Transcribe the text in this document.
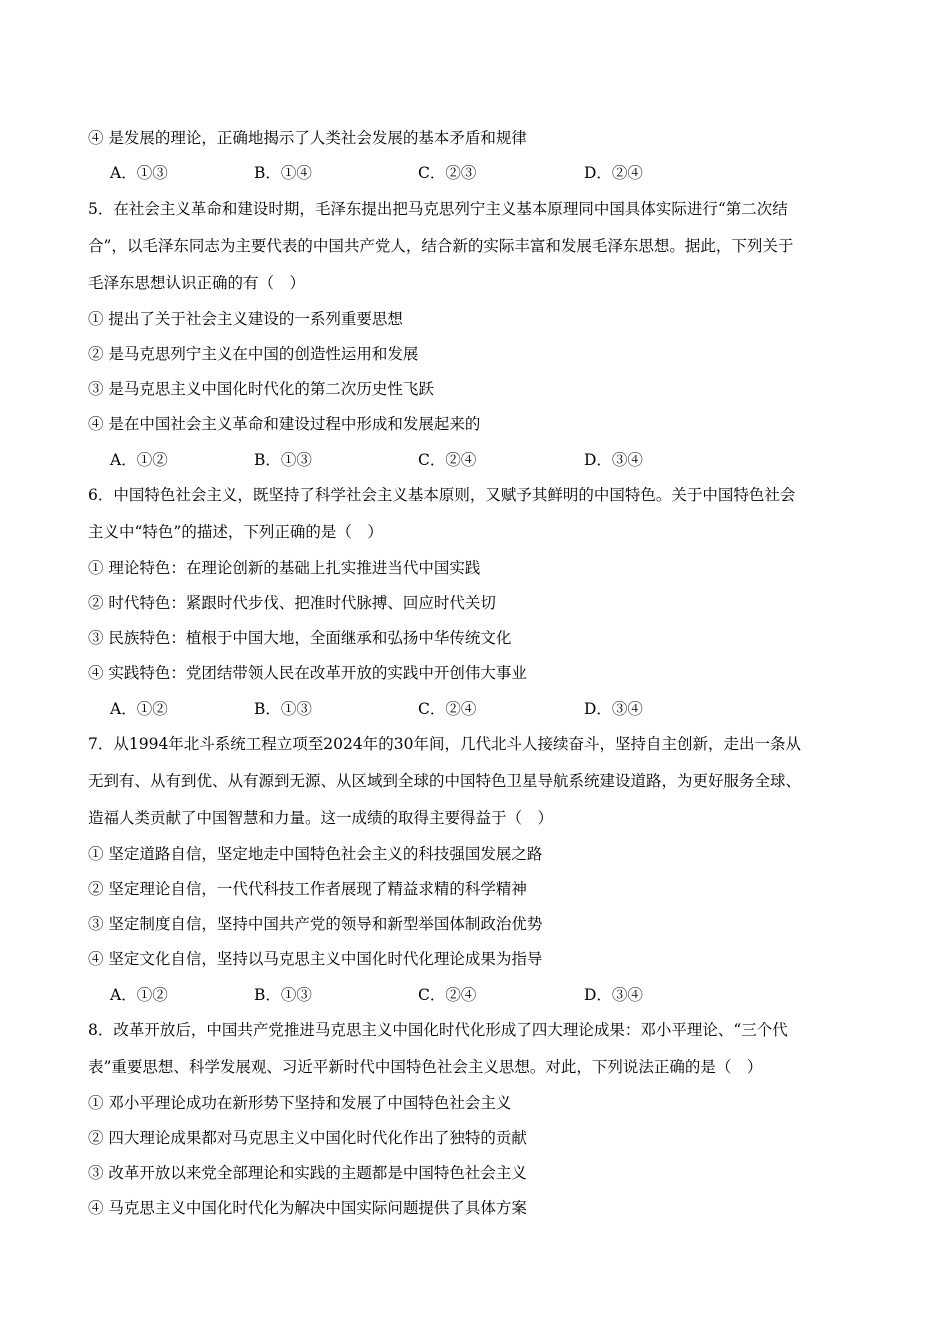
④ 是发展的理论，正确地揭示了人类社会发展的基本矛盾和规律
A．①③	B．①④	C．②③	D．②④
5．在社会主义革命和建设时期，毛泽东提出把马克思列宁主义基本原理同中国具体实际进行“第二次结
合”，以毛泽东同志为主要代表的中国共产党人，结合新的实际丰富和发展毛泽东思想。据此，下列关于
毛泽东思想认识正确的有（　）
① 提出了关于社会主义建设的一系列重要思想
② 是马克思列宁主义在中国的创造性运用和发展
③ 是马克思主义中国化时代化的第二次历史性飞跃
④ 是在中国社会主义革命和建设过程中形成和发展起来的
A．①②	B．①③	C．②④	D．③④
6．中国特色社会主义，既坚持了科学社会主义基本原则，又赋予其鲜明的中国特色。关于中国特色社会
主义中“特色”的描述，下列正确的是（　）
① 理论特色：在理论创新的基础上扎实推进当代中国实践
② 时代特色：紧跟时代步伐、把准时代脉搏、回应时代关切
③ 民族特色：植根于中国大地，全面继承和弘扬中华传统文化
④ 实践特色：党团结带领人民在改革开放的实践中开创伟大事业
A．①②	B．①③	C．②④	D．③④
7．从1994年北斗系统工程立项至2024年的30年间，几代北斗人接续奋斗，坚持自主创新，走出一条从
无到有、从有到优、从有源到无源、从区域到全球的中国特色卫星导航系统建设道路，为更好服务全球、
造福人类贡献了中国智慧和力量。这一成绩的取得主要得益于（　）
① 坚定道路自信，坚定地走中国特色社会主义的科技强国发展之路
② 坚定理论自信，一代代科技工作者展现了精益求精的科学精神
③ 坚定制度自信，坚持中国共产党的领导和新型举国体制政治优势
④ 坚定文化自信，坚持以马克思主义中国化时代化理论成果为指导
A．①②	B．①③	C．②④	D．③④
8．改革开放后，中国共产党推进马克思主义中国化时代化形成了四大理论成果：邓小平理论、“三个代
表”重要思想、科学发展观、习近平新时代中国特色社会主义思想。对此，下列说法正确的是（　）
① 邓小平理论成功在新形势下坚持和发展了中国特色社会主义
② 四大理论成果都对马克思主义中国化时代化作出了独特的贡献
③ 改革开放以来党全部理论和实践的主题都是中国特色社会主义
④ 马克思主义中国化时代化为解决中国实际问题提供了具体方案
